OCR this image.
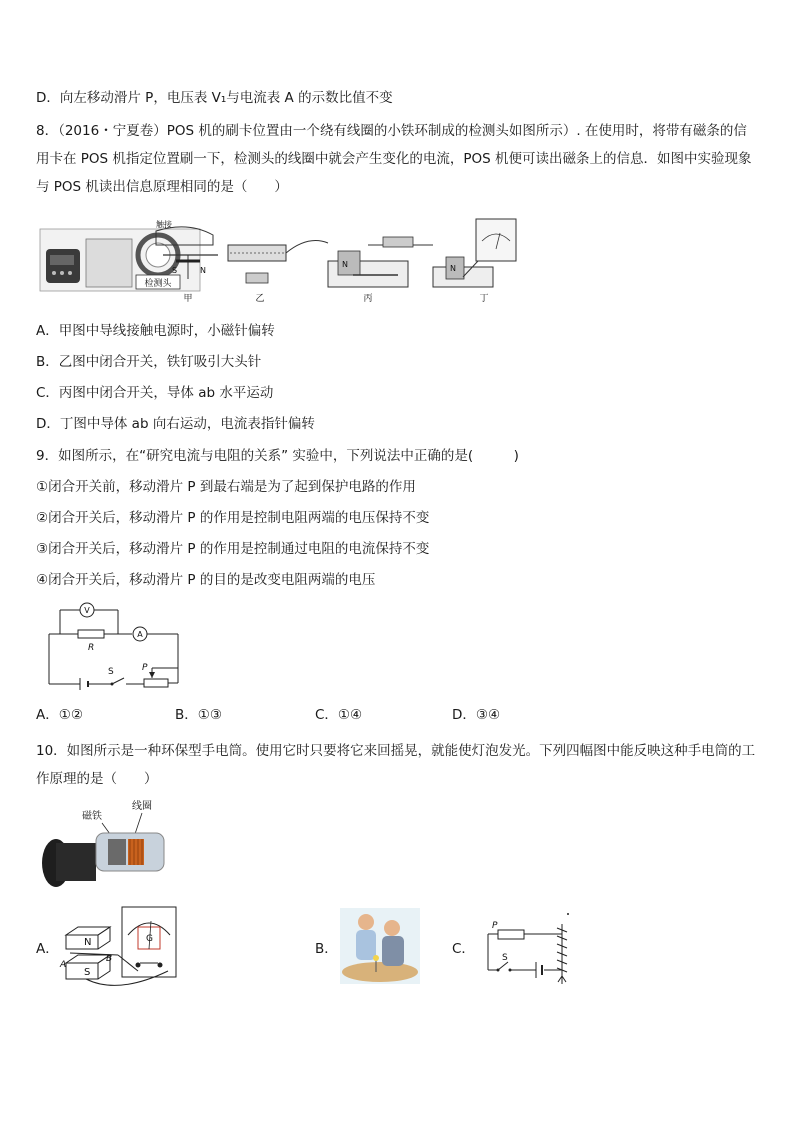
D．向左移动滑片 P，电压表 V₁与电流表 A 的示数比值不变
8．（2016・宁夏卷）POS 机的刷卡位置由一个绕有线圈的小铁环制成的检测头如图所示）. 在使用时，将带有磁条的信用卡在 POS 机指定位置刷一下，检测头的线圈中就会产生变化的电流，POS 机便可读出磁条上的信息．如图中实验现象与 POS 机读出信息原理相同的是（　　）
检测头
触接
S	N
甲	乙
N
丙
N
丁
A．甲图中导线接触电源时，小磁针偏转
B．乙图中闭合开关，铁钉吸引大头针
C．丙图中闭合开关，导体 ab 水平运动
D．丁图中导体 ab 向右运动，电流表指针偏转
9．如图所示，在“研究电流与电阻的关系” 实验中，下列说法中正确的是(　　　)
①闭合开关前，移动滑片 P 到最右端是为了起到保护电路的作用
②闭合开关后，移动滑片 P 的作用是控制电阻两端的电压保持不变
③闭合开关后，移动滑片 P 的作用是控制通过电阻的电流保持不变
④闭合开关后，移动滑片 P 的目的是改变电阻两端的电压
V
A
R
S	P
A．①②	B．①③	C．①④	D．③④
10．如图所示是一种环保型手电筒。使用它时只要将它来回摇晃，就能使灯泡发光。下列四幅图中能反映这种手电筒的工作原理的是（　　）
磁铁
线圈
A．	N
S
A
B
G
B．	C．
P
S
